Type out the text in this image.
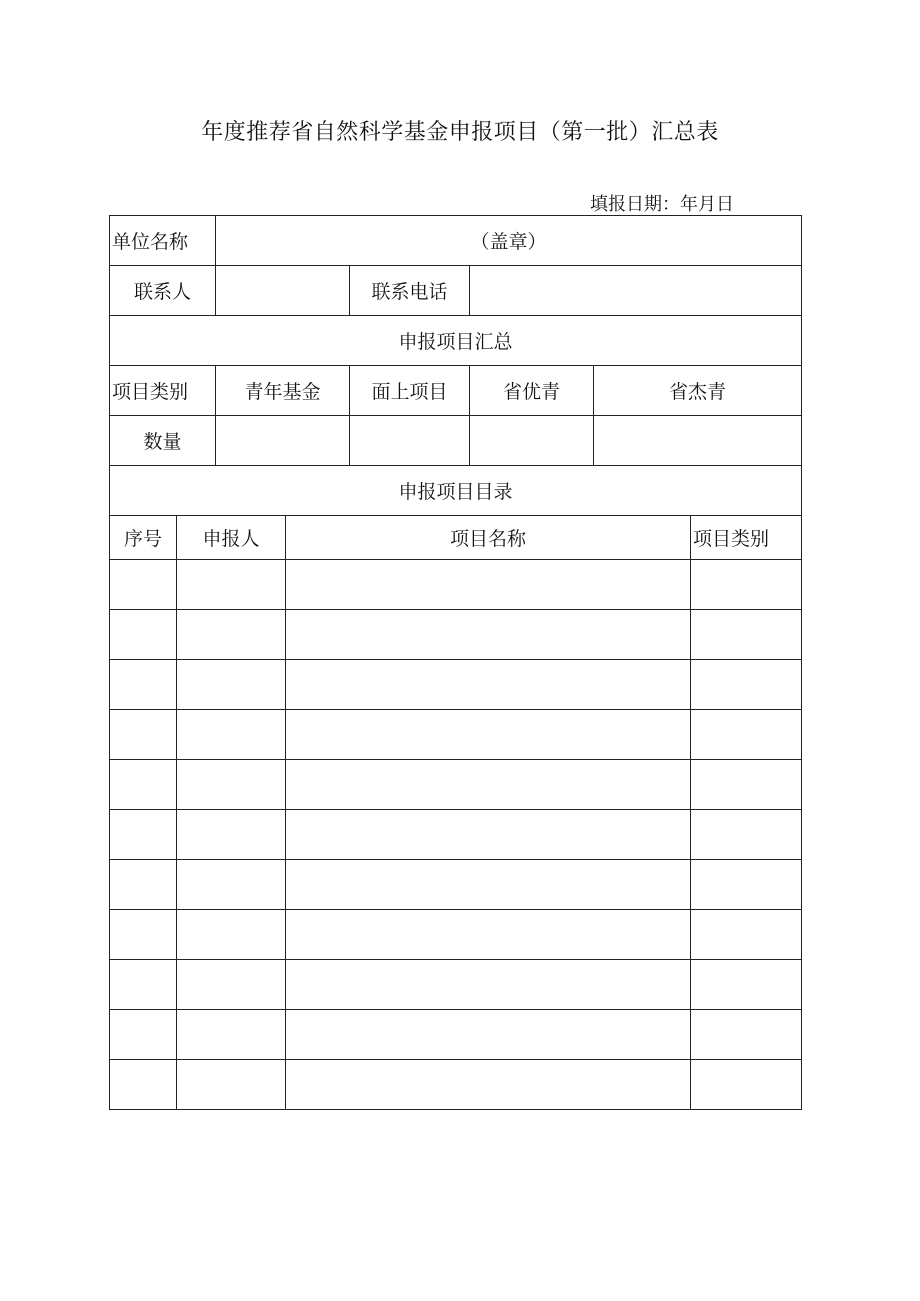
年度推荐省自然科学基金申报项目（第一批）汇总表
填报日期：年月日
单位名称		（盖章）					
联系人				联系电话			
申报项目汇总							
项目类别		青年基金		面上项目	省优青	省杰青	
数量							
申报项目目录							
序号	申报人		项目名称				项目类别
